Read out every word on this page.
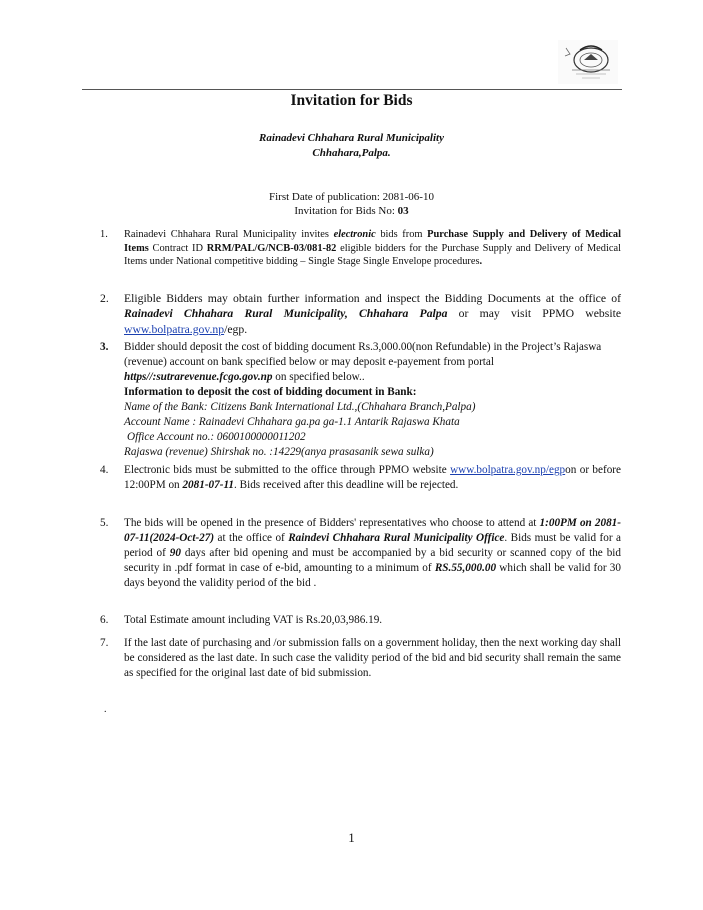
Invitation for Bids
Rainadevi Chhahara Rural Municipality
Chhahara,Palpa.
First Date of publication: 2081-06-10
Invitation for Bids No: 03
1.	Rainadevi Chhahara Rural Municipality invites electronic bids from Purchase Supply and Delivery of Medical Items Contract ID RRM/PAL/G/NCB-03/081-82 eligible bidders for the Purchase Supply and Delivery of Medical Items under National competitive bidding – Single Stage Single Envelope procedures.
2.	Eligible Bidders may obtain further information and inspect the Bidding Documents at the office of Rainadevi Chhahara Rural Municipality, Chhahara Palpa or may visit PPMO website www.bolpatra.gov.np/egp.
3.	Bidder should deposit the cost of bidding document Rs.3,000.00(non Refundable) in the Project’s Rajaswa (revenue) account on bank specified below or may deposit e-payement from portal https//:sutrarevenue.fcgo.gov.np on specified below..
Information to deposit the cost of bidding document in Bank:
Name of the Bank: Citizens Bank International Ltd.,(Chhahara Branch,Palpa)
Account Name : Rainadevi Chhahara ga.pa ga-1.1 Antarik Rajaswa Khata
Office Account no.: 0600100000011202
Rajaswa (revenue) Shirshak no. :14229(anya prasasanik sewa sulka)
4.	Electronic bids must be submitted to the office through PPMO website www.bolpatra.gov.np/egpon or before 12:00PM on 2081-07-11. Bids received after this deadline will be rejected.
5.	The bids will be opened in the presence of Bidders' representatives who choose to attend at 1:00PM on 2081-07-11(2024-Oct-27) at the office of Raindevi Chhahara Rural Municipality Office. Bids must be valid for a period of 90 days after bid opening and must be accompanied by a bid security or scanned copy of the bid security in .pdf format in case of e-bid, amounting to a minimum of RS.55,000.00 which shall be valid for 30 days beyond the validity period of the bid .
6.	Total Estimate amount including VAT is Rs.20,03,986.19.
7.	If the last date of purchasing and /or submission falls on a government holiday, then the next working day shall be considered as the last date. In such case the validity period of the bid and bid security shall remain the same as specified for the original last date of bid submission.
.
1
